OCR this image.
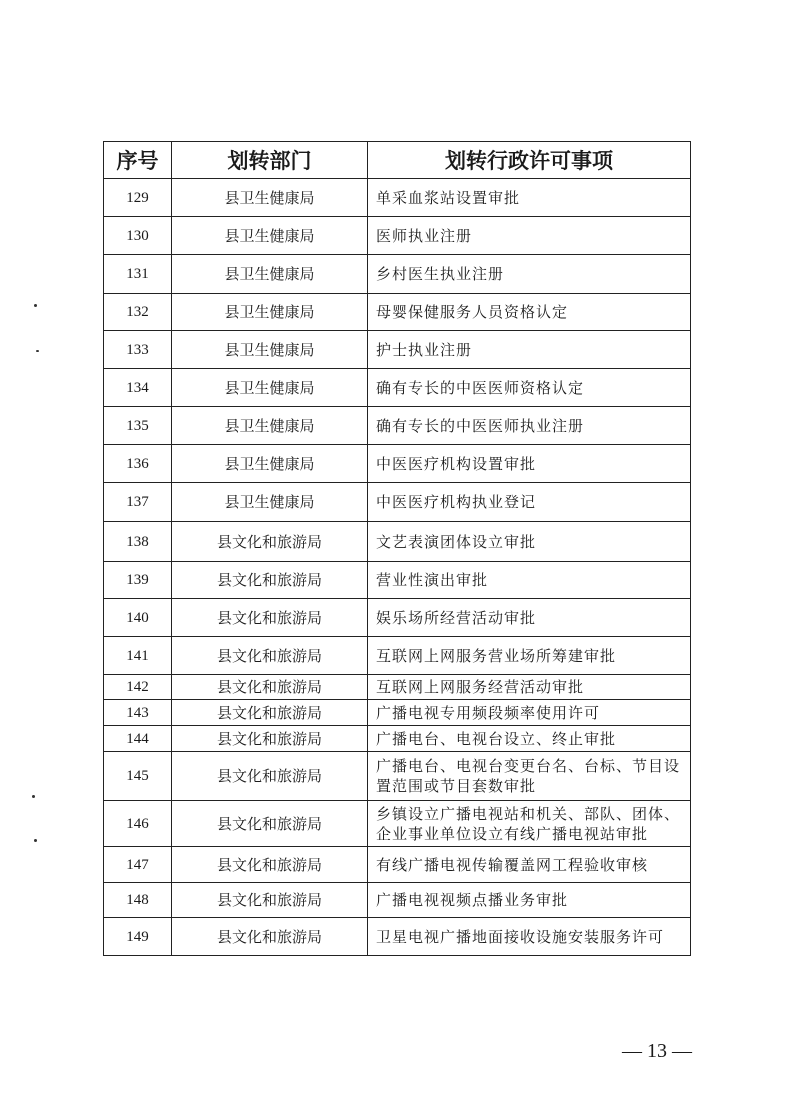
序号	划转部门	划转行政许可事项
129	县卫生健康局	单采血浆站设置审批
130	县卫生健康局	医师执业注册
131	县卫生健康局	乡村医生执业注册
132	县卫生健康局	母婴保健服务人员资格认定
133	县卫生健康局	护士执业注册
134	县卫生健康局	确有专长的中医医师资格认定
135	县卫生健康局	确有专长的中医医师执业注册
136	县卫生健康局	中医医疗机构设置审批
137	县卫生健康局	中医医疗机构执业登记
138	县文化和旅游局	文艺表演团体设立审批
139	县文化和旅游局	营业性演出审批
140	县文化和旅游局	娱乐场所经营活动审批
141	县文化和旅游局	互联网上网服务营业场所筹建审批
142	县文化和旅游局	互联网上网服务经营活动审批
143	县文化和旅游局	广播电视专用频段频率使用许可
144	县文化和旅游局	广播电台、电视台设立、终止审批
145	县文化和旅游局	广播电台、电视台变更台名、台标、节目设置范围或节目套数审批
146	县文化和旅游局	乡镇设立广播电视站和机关、部队、团体、企业事业单位设立有线广播电视站审批
147	县文化和旅游局	有线广播电视传输覆盖网工程验收审核
148	县文化和旅游局	广播电视视频点播业务审批
149	县文化和旅游局	卫星电视广播地面接收设施安装服务许可
— 13 —
